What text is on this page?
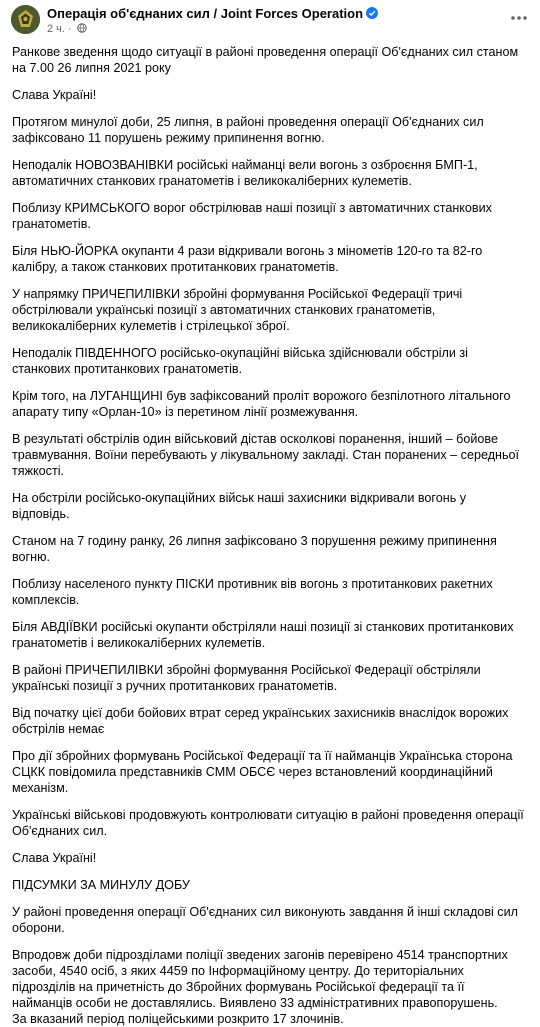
Операція об'єднаних сил / Joint Forces Operation
2 ч. ·

Ранкове зведення щодо ситуації в районі проведення операції Об'єднаних сил станом на 7.00 26 липня 2021 року

Слава Україні!

Протягом минулої доби, 25 липня, в районі проведення операції Об'єднаних сил зафіксовано 11 порушень режиму припинення вогню.

Неподалік НОВОЗВАНІВКИ російські найманці вели вогонь з озброєння БМП-1, автоматичних станкових гранатометів і великокаліберних кулеметів.

Поблизу КРИМСЬКОГО ворог обстрілював наші позиції з автоматичних станкових гранатометів.

Біля НЬЮ-ЙОРКА окупанти 4 рази відкривали вогонь з мінометів 120-го та 82-го калібру, а також станкових протитанкових гранатометів.

У напрямку ПРИЧЕПИЛІВКИ збройні формування Російської Федерації тричі обстрілювали українські позиції з автоматичних станкових гранатометів, великокаліберних кулеметів і стрілецької зброї.

Неподалік ПІВДЕННОГО російсько-окупаційні війська здійснювали обстріли зі станкових протитанкових гранатометів.

Крім того, на ЛУГАНЩИНІ був зафіксований проліт ворожого безпілотного літального апарату типу «Орлан-10» із перетином лінії розмежування.

В результаті обстрілів один військовий дістав осколкові поранення, інший – бойове травмування. Воїни перебувають у лікувальному закладі. Стан поранених – середньої тяжкості.

На обстріли російсько-окупаційних військ наші захисники відкривали вогонь у відповідь.

Станом на 7 годину ранку, 26 липня зафіксовано 3 порушення режиму припинення вогню.

Поблизу населеного пункту ПІСКИ противник вів вогонь з протитанкових ракетних комплексів.

Біля АВДІЇВКИ російські окупанти обстріляли наші позиції зі станкових протитанкових гранатометів і великокаліберних кулеметів.

В районі ПРИЧЕПИЛІВКИ збройні формування Російської Федерації обстріляли українські позиції з ручних протитанкових гранатометів.

Від початку цієї доби бойових втрат серед українських захисників внаслідок ворожих обстрілів немає

Про дії збройних формувань Російської Федерації та її найманців Українська сторона СЦКК повідомила представників СММ ОБСЄ через встановлений координаційний механізм.

Українські військові продовжують контролювати ситуацію в районі проведення операції Об'єднаних сил.

Слава Україні!

ПІДСУМКИ ЗА МИНУЛУ ДОБУ

У районі проведення операції Об'єднаних сил виконують завдання й інші складові сил оборони.

Впродовж доби підрозділами поліції зведених загонів перевірено 4514 транспортних засоби, 4540 осіб, з яких 4459 по Інформаційному центру. До територіальних підрозділів на причетність до Збройних формувань Російської федерації та її найманців особи не доставлялись. Виявлено 33 адміністративних правопорушень.

За вказаний період поліцейськими розкрито 17 злочинів.
